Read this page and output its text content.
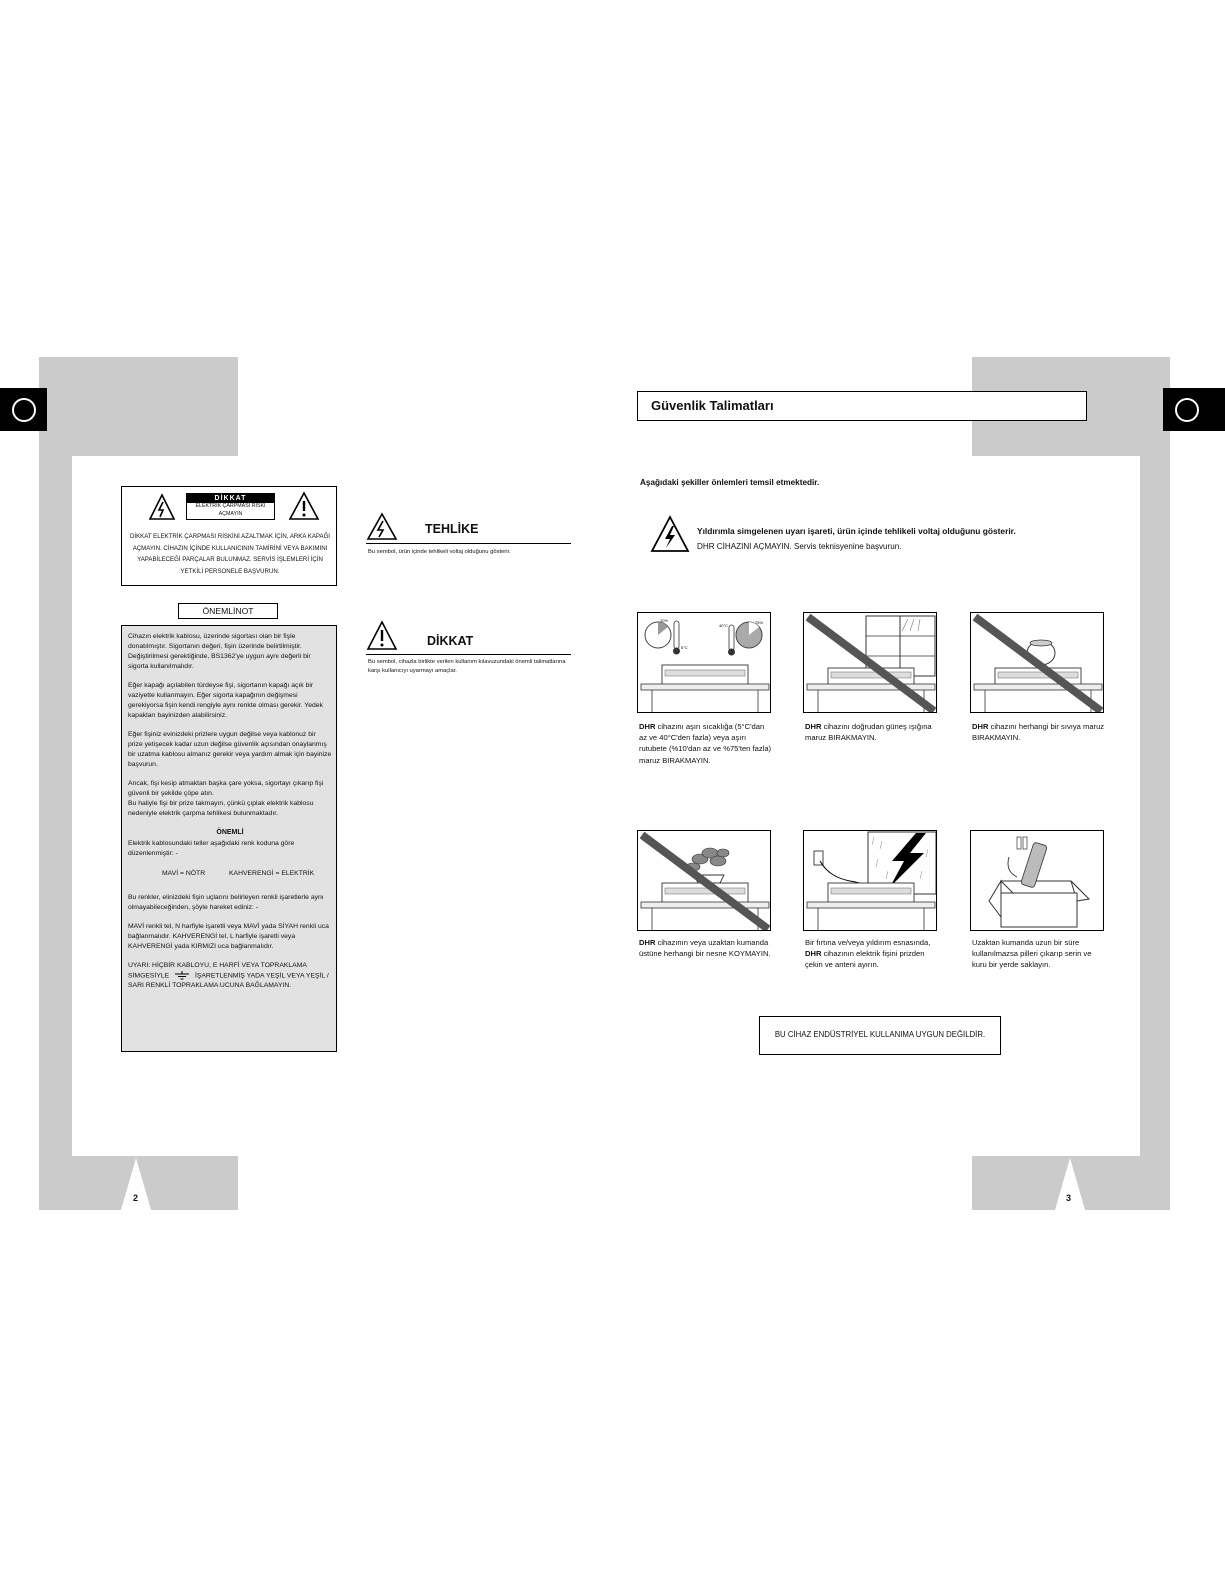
2	3
DİKKAT
ELEKTRİK ÇARPMASI RİSKİ
AÇMAYIN
DİKKAT ELEKTRİK ÇARPMASI RİSKİNİ AZALTMAK İÇİN, ARKA KAPAĞI AÇMAYIN. CİHAZIN İÇİNDE KULLANICININ TAMİRİNİ VEYA BAKIMINI YAPABİLECEĞİ PARÇALAR BULUNMAZ. SERVİS İŞLEMLERİ İÇİN YETKİLİ PERSONELE BAŞVURUN.
ÖNEMLİNOT

Cihazın elektrik kablosu, üzerinde sigortası olan bir fişle donatılmıştır. Sigortanın değeri, fişin üzerinde belirtilmiştir. Değiştirilmesi gerektiğinde, BS1362'ye uygun aynı değerli bir sigorta kullanılmalıdır.

Eğer kapağı açılabilen türdeyse fişi, sigortanın kapağı açık bir vaziyette kullanmayın. Eğer sigorta kapağının değişmesi gerekiyorsa fişin kendi rengiyle aynı renkte olması gerekir. Yedek kapakları bayinizden alabilirsiniz.

Eğer fişiniz evinizdeki prizlere uygun değilse veya kablonuz bir prize yetişecek kadar uzun değilse güvenlik açısından onaylanmış bir uzatma kablosu almanız gerekir veya yardım almak için bayinize başvurun.

Ancak, fişi kesip atmaktan başka çare yoksa, sigortayı çıkarıp fişi güvenli bir şekilde çöpe atın.

Bu haliyle fişi bir prize takmayın, çünkü çıplak elektrik kablosu nedeniyle elektrik çarpma tehlikesi bulunmaktadır.

ÖNEMLİ

Elektrik kablosundaki teller aşağıdaki renk koduna göre düzenlenmiştir: -

MAVİ = NÖTR	KAHVERENGİ = ELEKTRİK

Bu renkler, elinizdeki fişin uçlarını belirleyen renkli işaretlerle aynı olmayabileceğinden, şöyle hareket ediniz: -

MAVİ renkli tel, N harfiyle işaretli veya MAVİ yada SİYAH renkli uca bağlanmalıdır. KAHVERENGİ tel, L harfiyle işaretli veya KAHVERENGİ yada KIRMIZI uca bağlanmalıdır.

UYARI: HİÇBİR KABLOYU, E HARFİ VEYA TOPRAKLAMA

SİMGESİYLE	İŞARETLENMİŞ YADA YEŞİL VEYA YEŞİL /

SARI RENKLİ TOPRAKLAMA UCUNA BAĞLAMAYIN.

TEHLİKE
Bu sembol, ürün içinde tehlikeli voltaj olduğunu gösterir.
DİKKAT
Bu sembol, cihazla birlikte verilen kullanım kılavuzundaki önemli talimatlarına karşı kullanıcıyı uyarmayı amaçlar.
Güvenlik Talimatları
Aşağıdaki şekiller önlemleri temsil etmektedir.
Yıldırımla simgelenen uyarı işareti, ürün içinde tehlikeli voltaj olduğunu gösterir.
DHR CİHAZINI AÇMAYIN. Servis teknisyenine başvurun.
10%
5°C
40°C
75%
DHR cihazını aşırı sıcaklığa (5°C'dan az ve 40°C'den fazla) veya aşırı rutubete (%10'dan az ve %75'ten fazla) maruz BIRAKMAYIN.
DHR cihazını doğrudan güneş ışığına maruz BIRAKMAYIN.
DHR cihazını herhangi bir sıvıya maruz BIRAKMAYIN.
DHR cihazının veya uzaktan kumanda üstüne herhangi bir nesne KOYMAYIN.
Bir fırtına ve/veya yıldırım esnasında, DHR cihazının elektrik fişini prizden çekin ve anteni ayırın.
Uzaktan kumanda uzun bir süre kullanılmazsa pilleri çıkarıp serin ve kuru bir yerde saklayın.
BU CİHAZ ENDÜSTRİYEL KULLANIMA UYGUN DEĞİLDİR.
